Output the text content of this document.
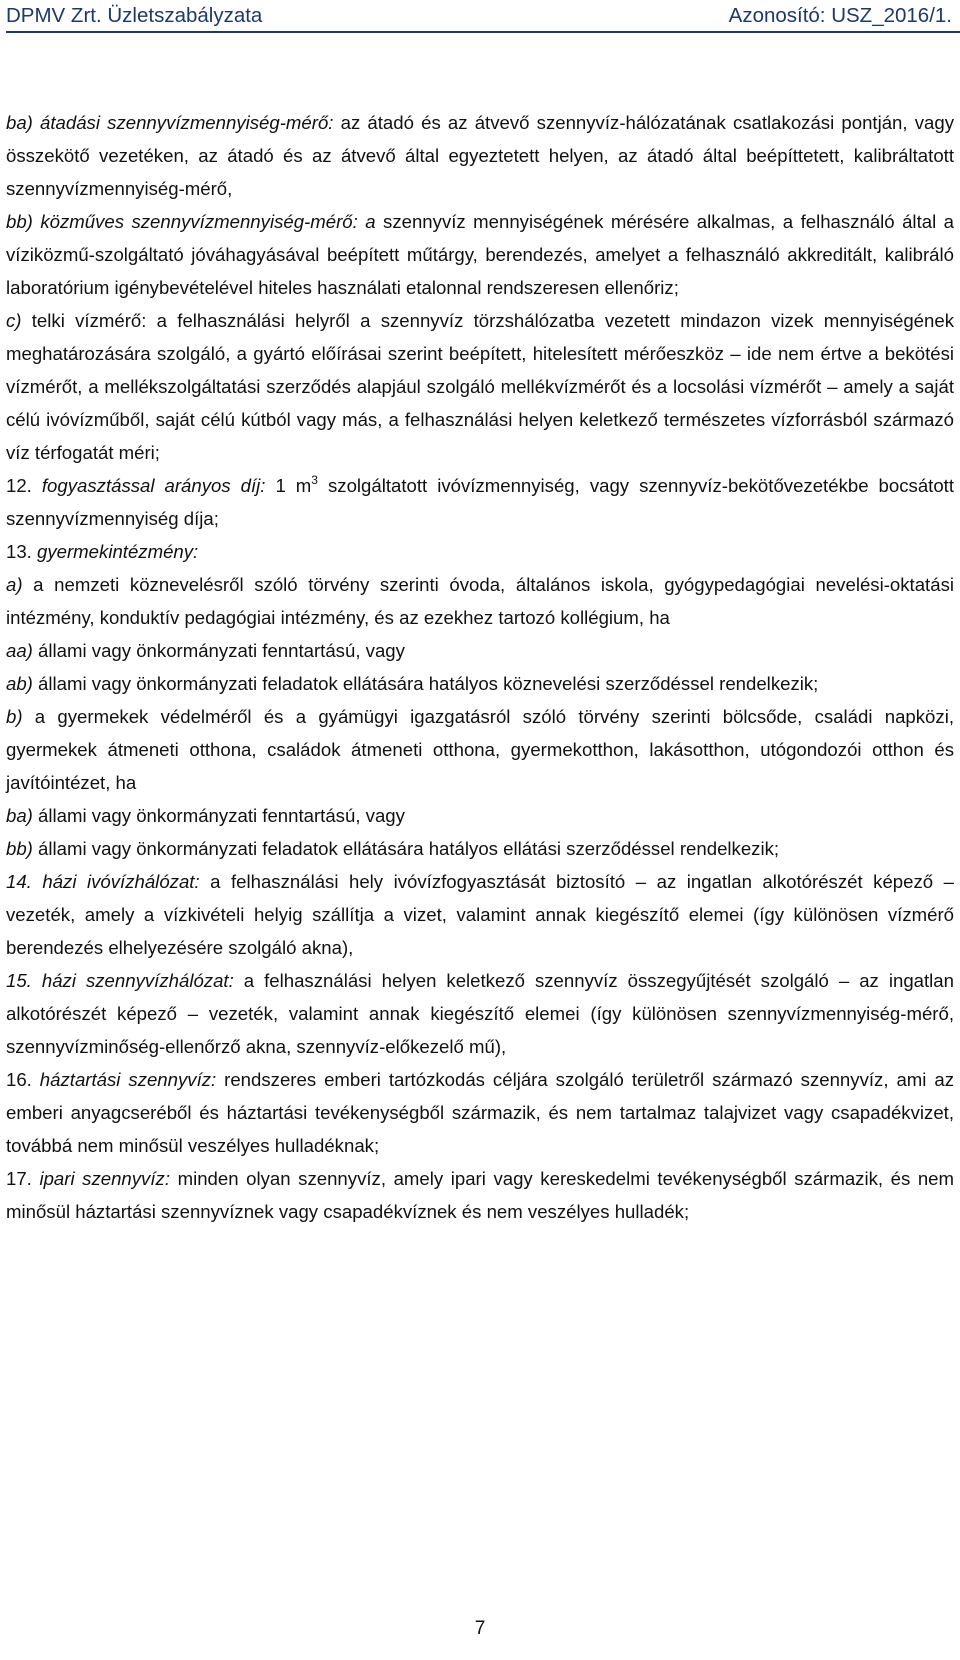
DPMV Zrt. Üzletszabályzata	Azonosító: USZ_2016/1.

ba) átadási szennyvízmennyiség-mérő: az átadó és az átvevő szennyvíz-hálózatának csatlakozási pontján, vagy összekötő vezetéken, az átadó és az átvevő által egyeztetett helyen, az átadó által beépíttetett, kalibráltatott szennyvízmennyiség-mérő,

bb) közműves szennyvízmennyiség-mérő: a szennyvíz mennyiségének mérésére alkalmas, a felhasználó által a víziközmű-szolgáltató jóváhagyásával beépített műtárgy, berendezés, amelyet a felhasználó akkreditált, kalibráló laboratórium igénybevételével hiteles használati etalonnal rendszeresen ellenőriz;

c) telki vízmérő: a felhasználási helyről a szennyvíz törzshálózatba vezetett mindazon vizek mennyiségének meghatározására szolgáló, a gyártó előírásai szerint beépített, hitelesített mérőeszköz – ide nem értve a bekötési vízmérőt, a mellékszolgáltatási szerződés alapjául szolgáló mellékvízmérőt és a locsolási vízmérőt – amely a saját célú ivóvízműből, saját célú kútból vagy más, a felhasználási helyen keletkező természetes vízforrásból származó víz térfogatát méri;

12. fogyasztással arányos díj: 1 $m^3$ szolgáltatott ivóvízmennyiség, vagy szennyvíz-bekötővezetékbe bocsátott szennyvízmennyiség díja;

13. gyermekintézmény:

a) a nemzeti köznevelésről szóló törvény szerinti óvoda, általános iskola, gyógypedagógiai nevelési-oktatási intézmény, konduktív pedagógiai intézmény, és az ezekhez tartozó kollégium, ha

aa) állami vagy önkormányzati fenntartású, vagy

ab) állami vagy önkormányzati feladatok ellátására hatályos köznevelési szerződéssel rendelkezik;

b) a gyermekek védelméről és a gyámügyi igazgatásról szóló törvény szerinti bölcsőde, családi napközi, gyermekek átmeneti otthona, családok átmeneti otthona, gyermekotthon, lakásotthon, utógondozói otthon és javítóintézet, ha

ba) állami vagy önkormányzati fenntartású, vagy

bb) állami vagy önkormányzati feladatok ellátására hatályos ellátási szerződéssel rendelkezik;

14. házi ivóvízhálózat: a felhasználási hely ivóvízfogyasztását biztosító – az ingatlan alkotórészét képező – vezeték, amely a vízkivételi helyig szállítja a vizet, valamint annak kiegészítő elemei (így különösen vízmérő berendezés elhelyezésére szolgáló akna),

15. házi szennyvízhálózat: a felhasználási helyen keletkező szennyvíz összegyűjtését szolgáló – az ingatlan alkotórészét képező – vezeték, valamint annak kiegészítő elemei (így különösen szennyvízmennyiség-mérő, szennyvízminőség-ellenőrző akna, szennyvíz-előkezelő mű),

16. háztartási szennyvíz: rendszeres emberi tartózkodás céljára szolgáló területről származó szennyvíz, ami az emberi anyagcseréből és háztartási tevékenységből származik, és nem tartalmaz talajvizet vagy csapadékvizet, továbbá nem minősül veszélyes hulladéknak;

17. ipari szennyvíz: minden olyan szennyvíz, amely ipari vagy kereskedelmi tevékenységből származik, és nem minősül háztartási szennyvíznek vagy csapadékvíznek és nem veszélyes hulladék;

7
